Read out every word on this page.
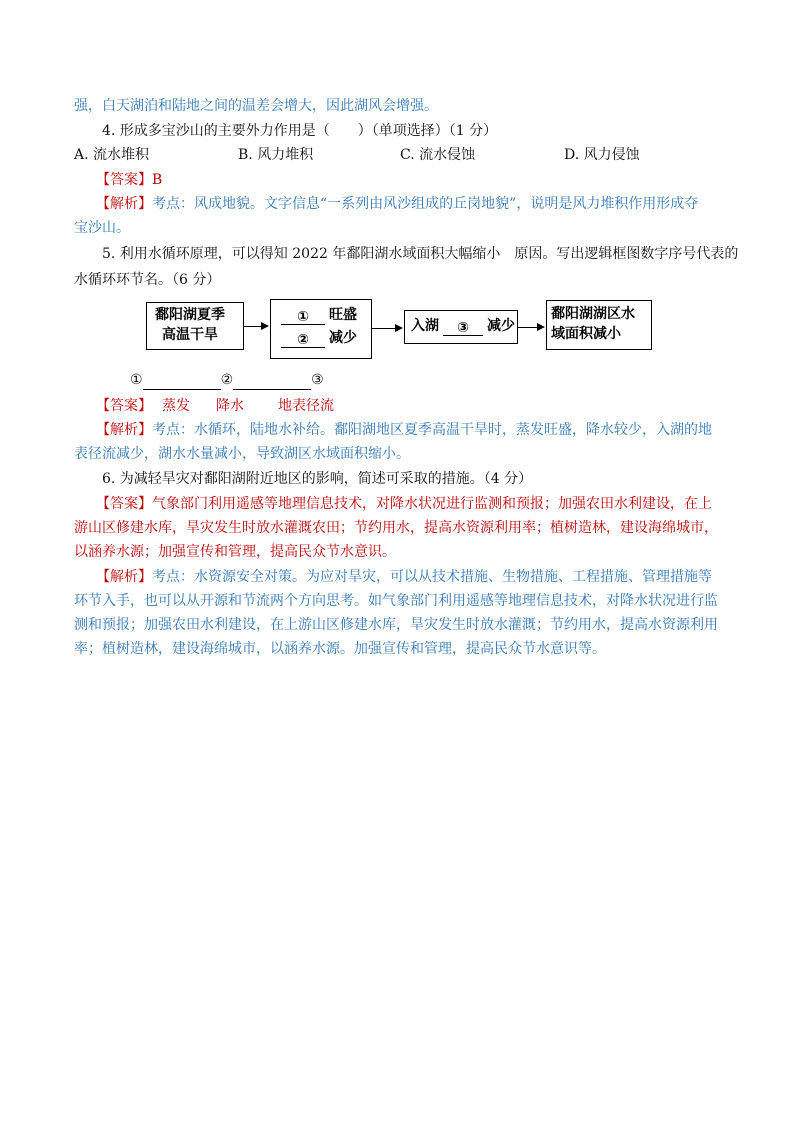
强，白天湖泊和陆地之间的温差会增大，因此湖风会增强。
4. 形成多宝沙山的主要外力作用是（　　）（单项选择）（1 分）
A. 流水堆积	B. 风力堆积	C. 流水侵蚀	D. 风力侵蚀
【答案】B
【解析】考点：风成地貌。文字信息“一系列由风沙组成的丘岗地貌”，说明是风力堆积作用形成夺
宝沙山。
5. 利用水循环原理，可以得知 2022 年鄱阳湖水域面积大幅缩小　原因。写出逻辑框图数字序号代表的
水循环环节名。（6 分）
鄱阳湖夏季
高温干旱
① 旺盛
② 减少
入湖 ③ 减少
鄱阳湖湖区水
域面积减小
①	②	③
【答案】 蒸发 降水 地表径流
【解析】考点：水循环，陆地水补给。鄱阳湖地区夏季高温干旱时，蒸发旺盛，降水较少，入湖的地
表径流减少，湖水水量减小，导致湖区水域面积缩小。
6. 为减轻旱灾对鄱阳湖附近地区的影响，简述可采取的措施。（4 分）
【答案】气象部门利用遥感等地理信息技术，对降水状况进行监测和预报；加强农田水利建设，在上
游山区修建水库，旱灾发生时放水灌溉农田；节约用水，提高水资源利用率；植树造林，建设海绵城市，
以涵养水源；加强宣传和管理，提高民众节水意识。
【解析】考点：水资源安全对策。为应对旱灾，可以从技术措施、生物措施、工程措施、管理措施等
环节入手，也可以从开源和节流两个方向思考。如气象部门利用遥感等地理信息技术，对降水状况进行监
测和预报；加强农田水利建设，在上游山区修建水库，旱灾发生时放水灌溉；节约用水，提高水资源利用
率；植树造林，建设海绵城市，以涵养水源。加强宣传和管理，提高民众节水意识等。
